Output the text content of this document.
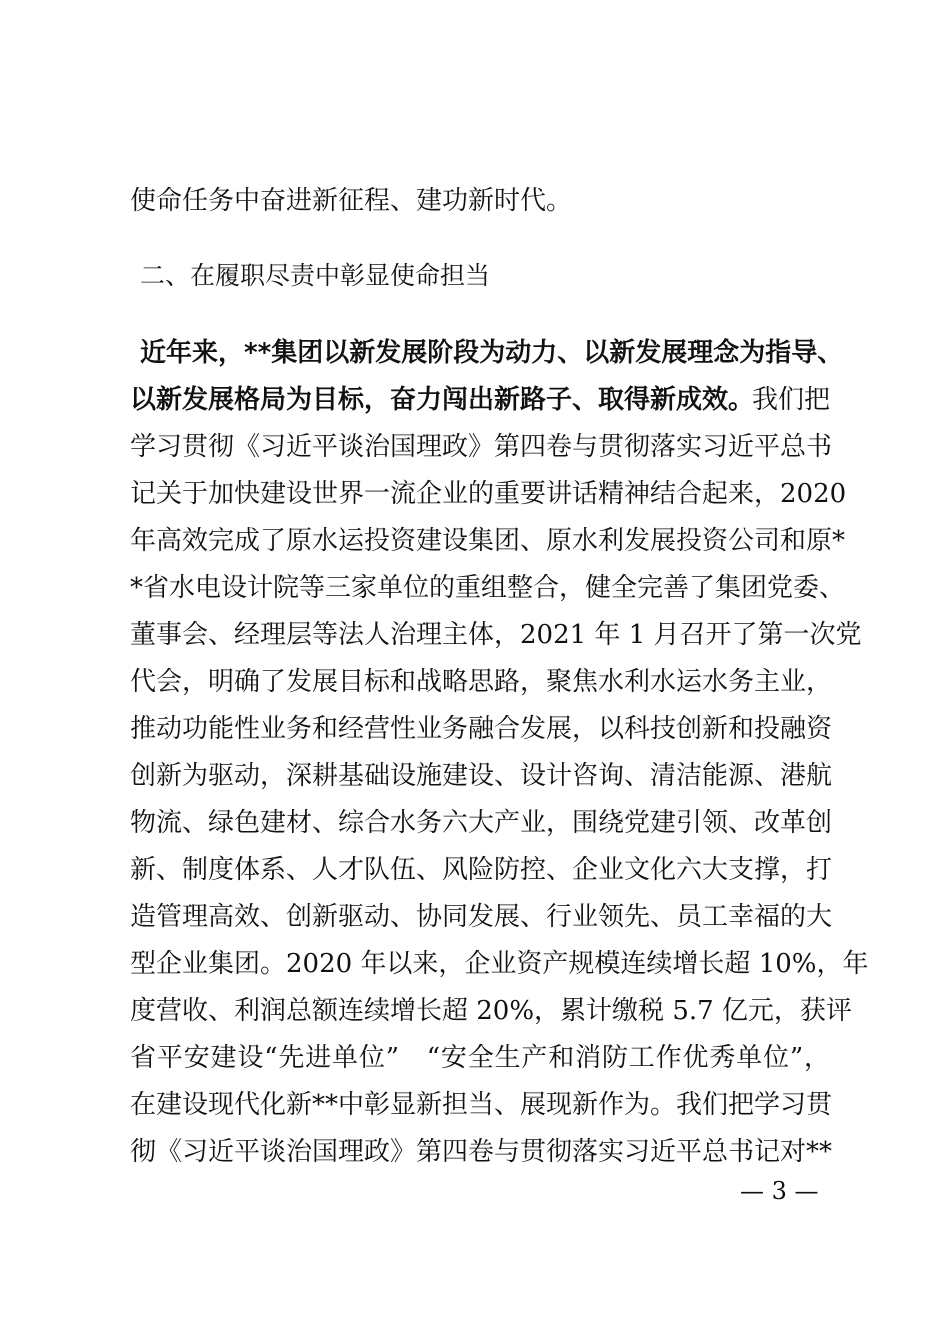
使命任务中奋进新征程、建功新时代。
二、在履职尽责中彰显使命担当
近年来，**集团以新发展阶段为动力、以新发展理念为指导、
以新发展格局为目标，奋力闯出新路子、取得新成效。
我们把
学习贯彻《习近平谈治国理政》第四卷与贯彻落实习近平总书
记关于加快建设世界一流企业的重要讲话精神结合起来，2020
年高效完成了原水运投资建设集团、原水利发展投资公司和原*
*省水电设计院等三家单位的重组整合，健全完善了集团党委、
董事会、经理层等法人治理主体，2021 年 1 月召开了第一次党
代会，明确了发展目标和战略思路，聚焦水利水运水务主业，
推动功能性业务和经营性业务融合发展，以科技创新和投融资
创新为驱动，深耕基础设施建设、设计咨询、清洁能源、港航
物流、绿色建材、综合水务六大产业，围绕党建引领、改革创
新、制度体系、人才队伍、风险防控、企业文化六大支撑，打
造管理高效、创新驱动、协同发展、行业领先、员工幸福的大
型企业集团。2020 年以来，企业资产规模连续增长超 10%，年
度营收、利润总额连续增长超 20%，累计缴税 5.7 亿元，获评
省平安建设“先进单位”　“安全生产和消防工作优秀单位”，
在建设现代化新**中彰显新担当、展现新作为。我们把学习贯
彻《习近平谈治国理政》第四卷与贯彻落实习近平总书记对**
— 3 —
